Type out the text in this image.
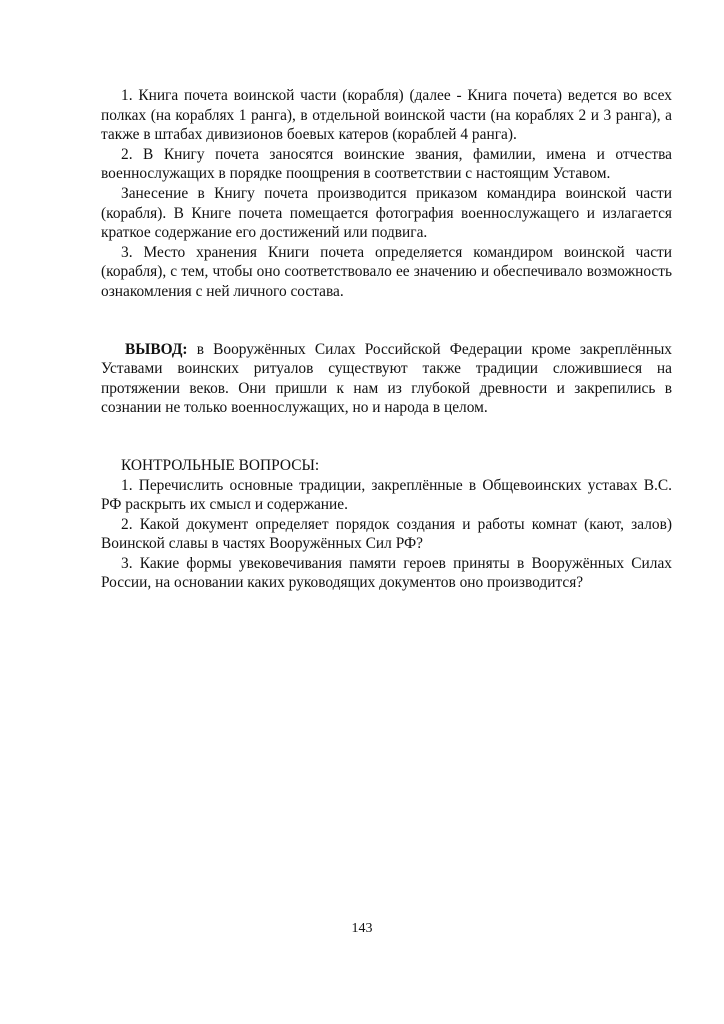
1. Книга почета воинской части (корабля) (далее - Книга почета) ведется во всех полках (на кораблях 1 ранга), в отдельной воинской части (на кораблях 2 и 3 ранга), а также в штабах дивизионов боевых катеров (кораблей 4 ранга).

2. В Книгу почета заносятся воинские звания, фамилии, имена и отчества военнослужащих в порядке поощрения в соответствии с настоящим Уставом.

Занесение в Книгу почета производится приказом командира воинской части (корабля). В Книге почета помещается фотография военнослужащего и излагается краткое содержание его достижений или подвига.

3. Место хранения Книги почета определяется командиром воинской части (корабля), с тем, чтобы оно соответствовало ее значению и обеспечивало возможность ознакомления с ней личного состава.

ВЫВОД: в Вооружённых Силах Российской Федерации кроме закреплённых Уставами воинских ритуалов существуют также традиции сложившиеся на протяжении веков. Они пришли к нам из глубокой древности и закрепились в сознании не только военнослужащих, но и народа в целом.

КОНТРОЛЬНЫЕ ВОПРОСЫ:

1. Перечислить основные традиции, закреплённые в Общевоинских уставах В.С. РФ раскрыть их смысл и содержание.

2. Какой документ определяет порядок создания и работы комнат (кают, залов) Воинской славы в частях Вооружённых Сил РФ?

3. Какие формы увековечивания памяти героев приняты в Вооружённых Силах России, на основании каких руководящих документов оно производится?

143
